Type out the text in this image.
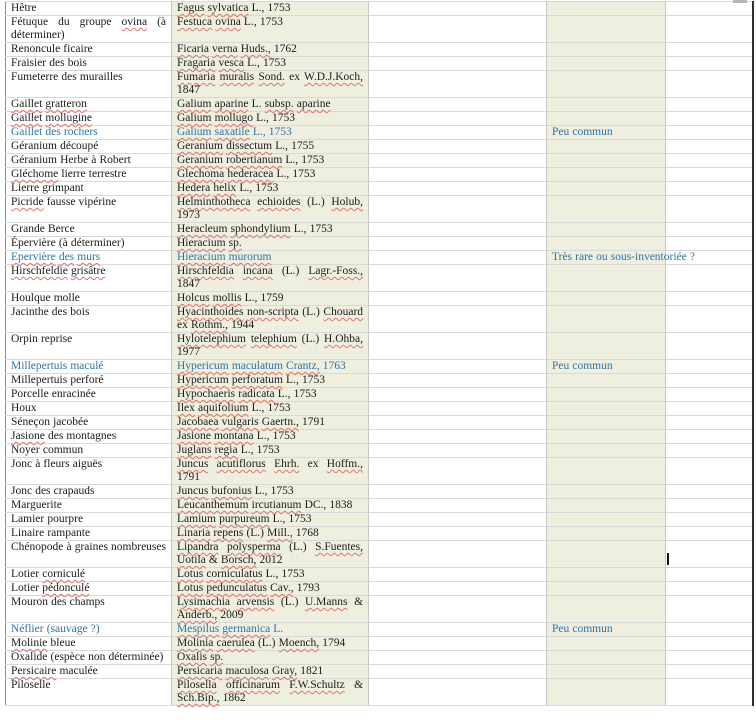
Hêtre	Fagus sylvatica L., 1753			
Fétuque du groupe ovina (à déterminer)	Festuca ovina L., 1753			
Renoncule ficaire	Ficaria verna Huds., 1762			
Fraisier des bois	Fragaria vesca L., 1753			
Fumeterre des murailles	Fumaria muralis Sond. ex W.D.J.Koch, 1847			
Gaillet gratteron	Galium aparine L. subsp. aparine			
Gaillet mollugine	Galium mollugo L., 1753			
Gaillet des rochers	Galium saxatile L., 1753		Peu commun	
Géranium découpé	Geranium dissectum L., 1755			
Géranium Herbe à Robert	Geranium robertianum L., 1753			
Gléchome lierre terrestre	Glechoma hederacea L., 1753			
Lierre grimpant	Hedera helix L., 1753			
Picride fausse vipérine	Helminthotheca echioides (L.) Holub, 1973			
Grande Berce	Heracleum sphondylium L., 1753			
Épervière (à déterminer)	Hieracium sp.			
Epervière des murs	Hieracium murorum		Très rare ou sous-inventoriée ?	
Hirschfeldie grisâtre	Hirschfeldia incana (L.) Lagr.-Foss., 1847			
Houlque molle	Holcus mollis L., 1759			
Jacinthe des bois	Hyacinthoides non-scripta (L.) Chouard ex Rothm., 1944			
Orpin reprise	Hylotelephium telephium (L.) H.Ohba, 1977			
Millepertuis maculé	Hypericum maculatum Crantz, 1763		Peu commun	
Millepertuis perforé	Hypericum perforatum L., 1753			
Porcelle enracinée	Hypochaeris radicata L., 1753			
Houx	Ilex aquifolium L., 1753			
Séneçon jacobée	Jacobaea vulgaris Gaertn., 1791			
Jasione des montagnes	Jasione montana L., 1753			
Noyer commun	Juglans regia L., 1753			
Jonc à fleurs aiguës	Juncus acutiflorus Ehrh. ex Hoffm., 1791			
Jonc des crapauds	Juncus bufonius L., 1753			
Marguerite	Leucanthemum ircutianum DC., 1838			
Lamier pourpre	Lamium purpureum L., 1753			
Linaire rampante	Linaria repens (L.) Mill., 1768			
Chénopode à graines nombreuses	Lipandra polysperma (L.) S.Fuentes, Uotila & Borsch, 2012			
Lotier corniculé	Lotus corniculatus L., 1753			
Lotier pédonculé	Lotus pedunculatus Cav., 1793			
Mouron des champs	Lysimachia arvensis (L.) U.Manns & Anderb., 2009			
Néflier (sauvage ?)	Mespilus germanica L.		Peu commun	
Molinie bleue	Molinia caerulea (L.) Moench, 1794			
Oxalide (espèce non déterminée)	Oxalis sp.			
Persicaire maculée	Persicaria maculosa Gray, 1821			
Piloselle	Pilosella officinarum F.W.Schultz & Sch.Bip., 1862			
